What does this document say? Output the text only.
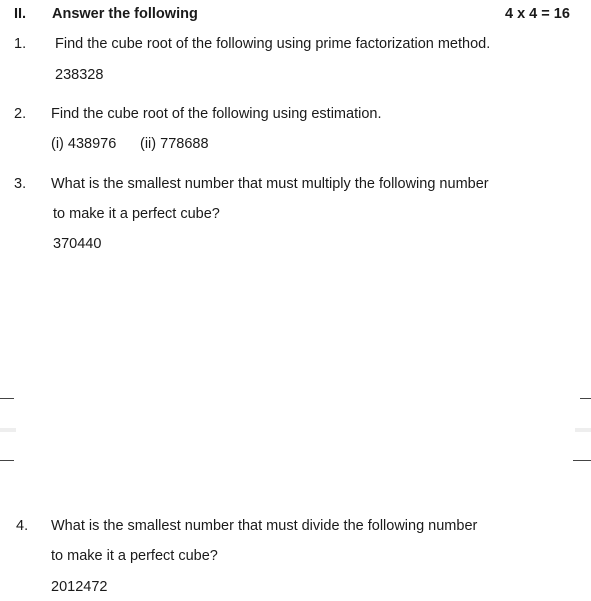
II. Answer the following	4 x 4 = 16
1. Find the cube root of the following using prime factorization method.
238328
2. Find the cube root of the following using estimation.
(i) 438976 (ii) 778688
3. What is the smallest number that must multiply the following number
to make it a perfect cube?
370440
4. What is the smallest number that must divide the following number
to make it a perfect cube?
2012472
